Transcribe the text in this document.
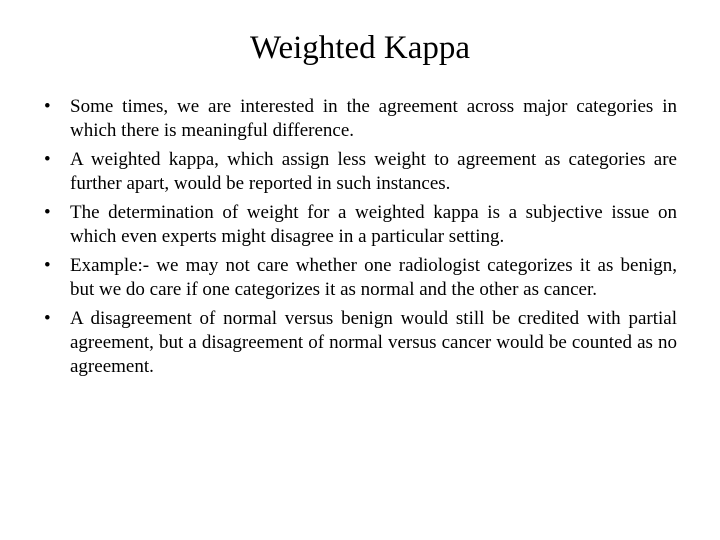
Weighted Kappa
•	Some times, we are interested in the agreement across major categories in which there is meaningful difference.
•	A weighted kappa, which assign less weight to agreement as categories are further apart, would be reported in such instances.
•	The determination of weight for a weighted kappa is a subjective issue on which even experts might disagree in a particular setting.
•	Example:- we may not care whether one radiologist categorizes it as benign, but we do care if one categorizes it as normal and the other as cancer.
•	A disagreement of normal versus benign would still be credited with partial agreement, but a disagreement of normal versus cancer would be counted as no agreement.
